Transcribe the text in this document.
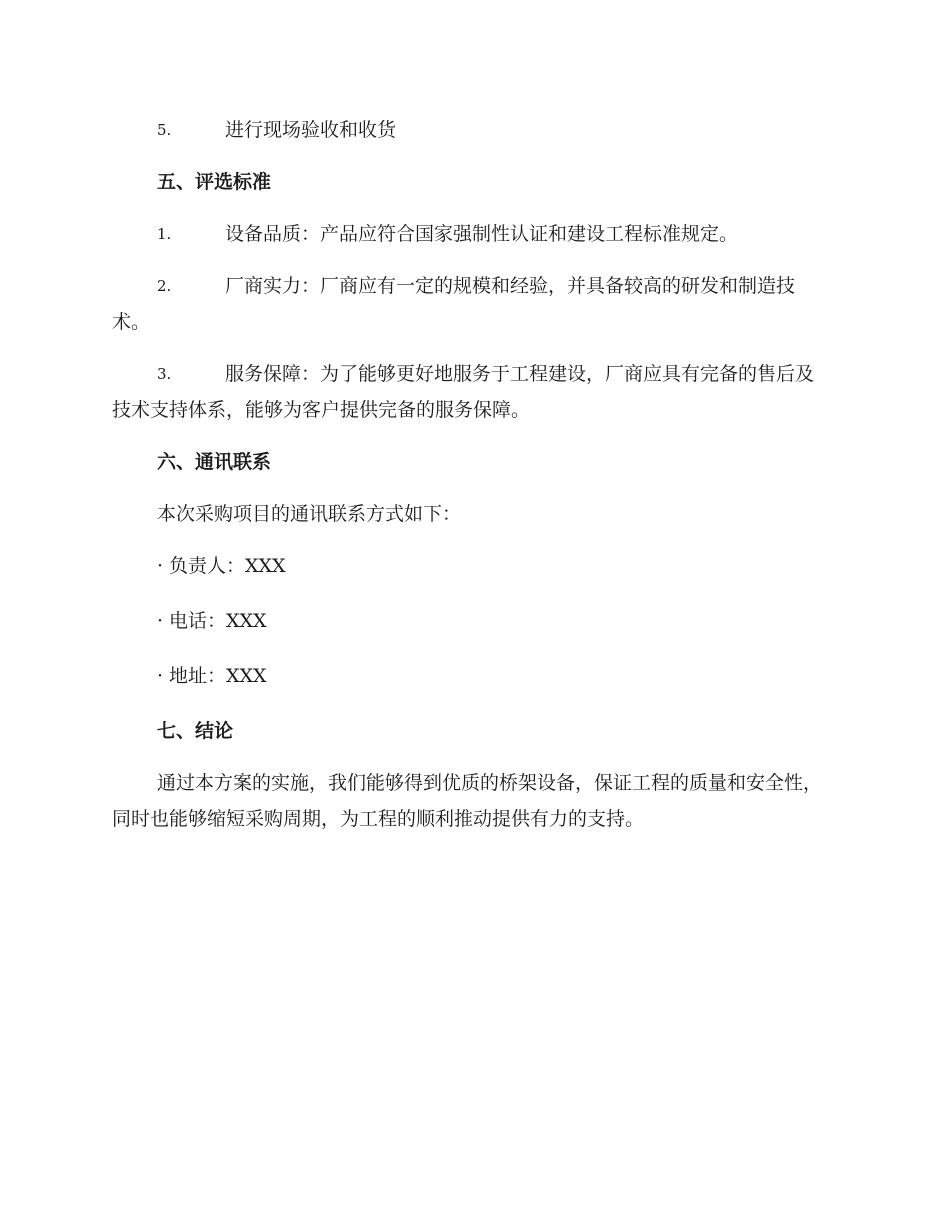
5.	进行现场验收和收货

五、评选标准

1.	设备品质：产品应符合国家强制性认证和建设工程标准规定。

2.	厂商实力：厂商应有一定的规模和经验，并具备较高的研发和制造技术。

3.	服务保障：为了能够更好地服务于工程建设，厂商应具有完备的售后及技术支持体系，能够为客户提供完备的服务保障。

六、通讯联系

本次采购项目的通讯联系方式如下：

· 负责人：XXX

· 电话：XXX

· 地址：XXX

七、结论

通过本方案的实施，我们能够得到优质的桥架设备，保证工程的质量和安全性，同时也能够缩短采购周期，为工程的顺利推动提供有力的支持。
